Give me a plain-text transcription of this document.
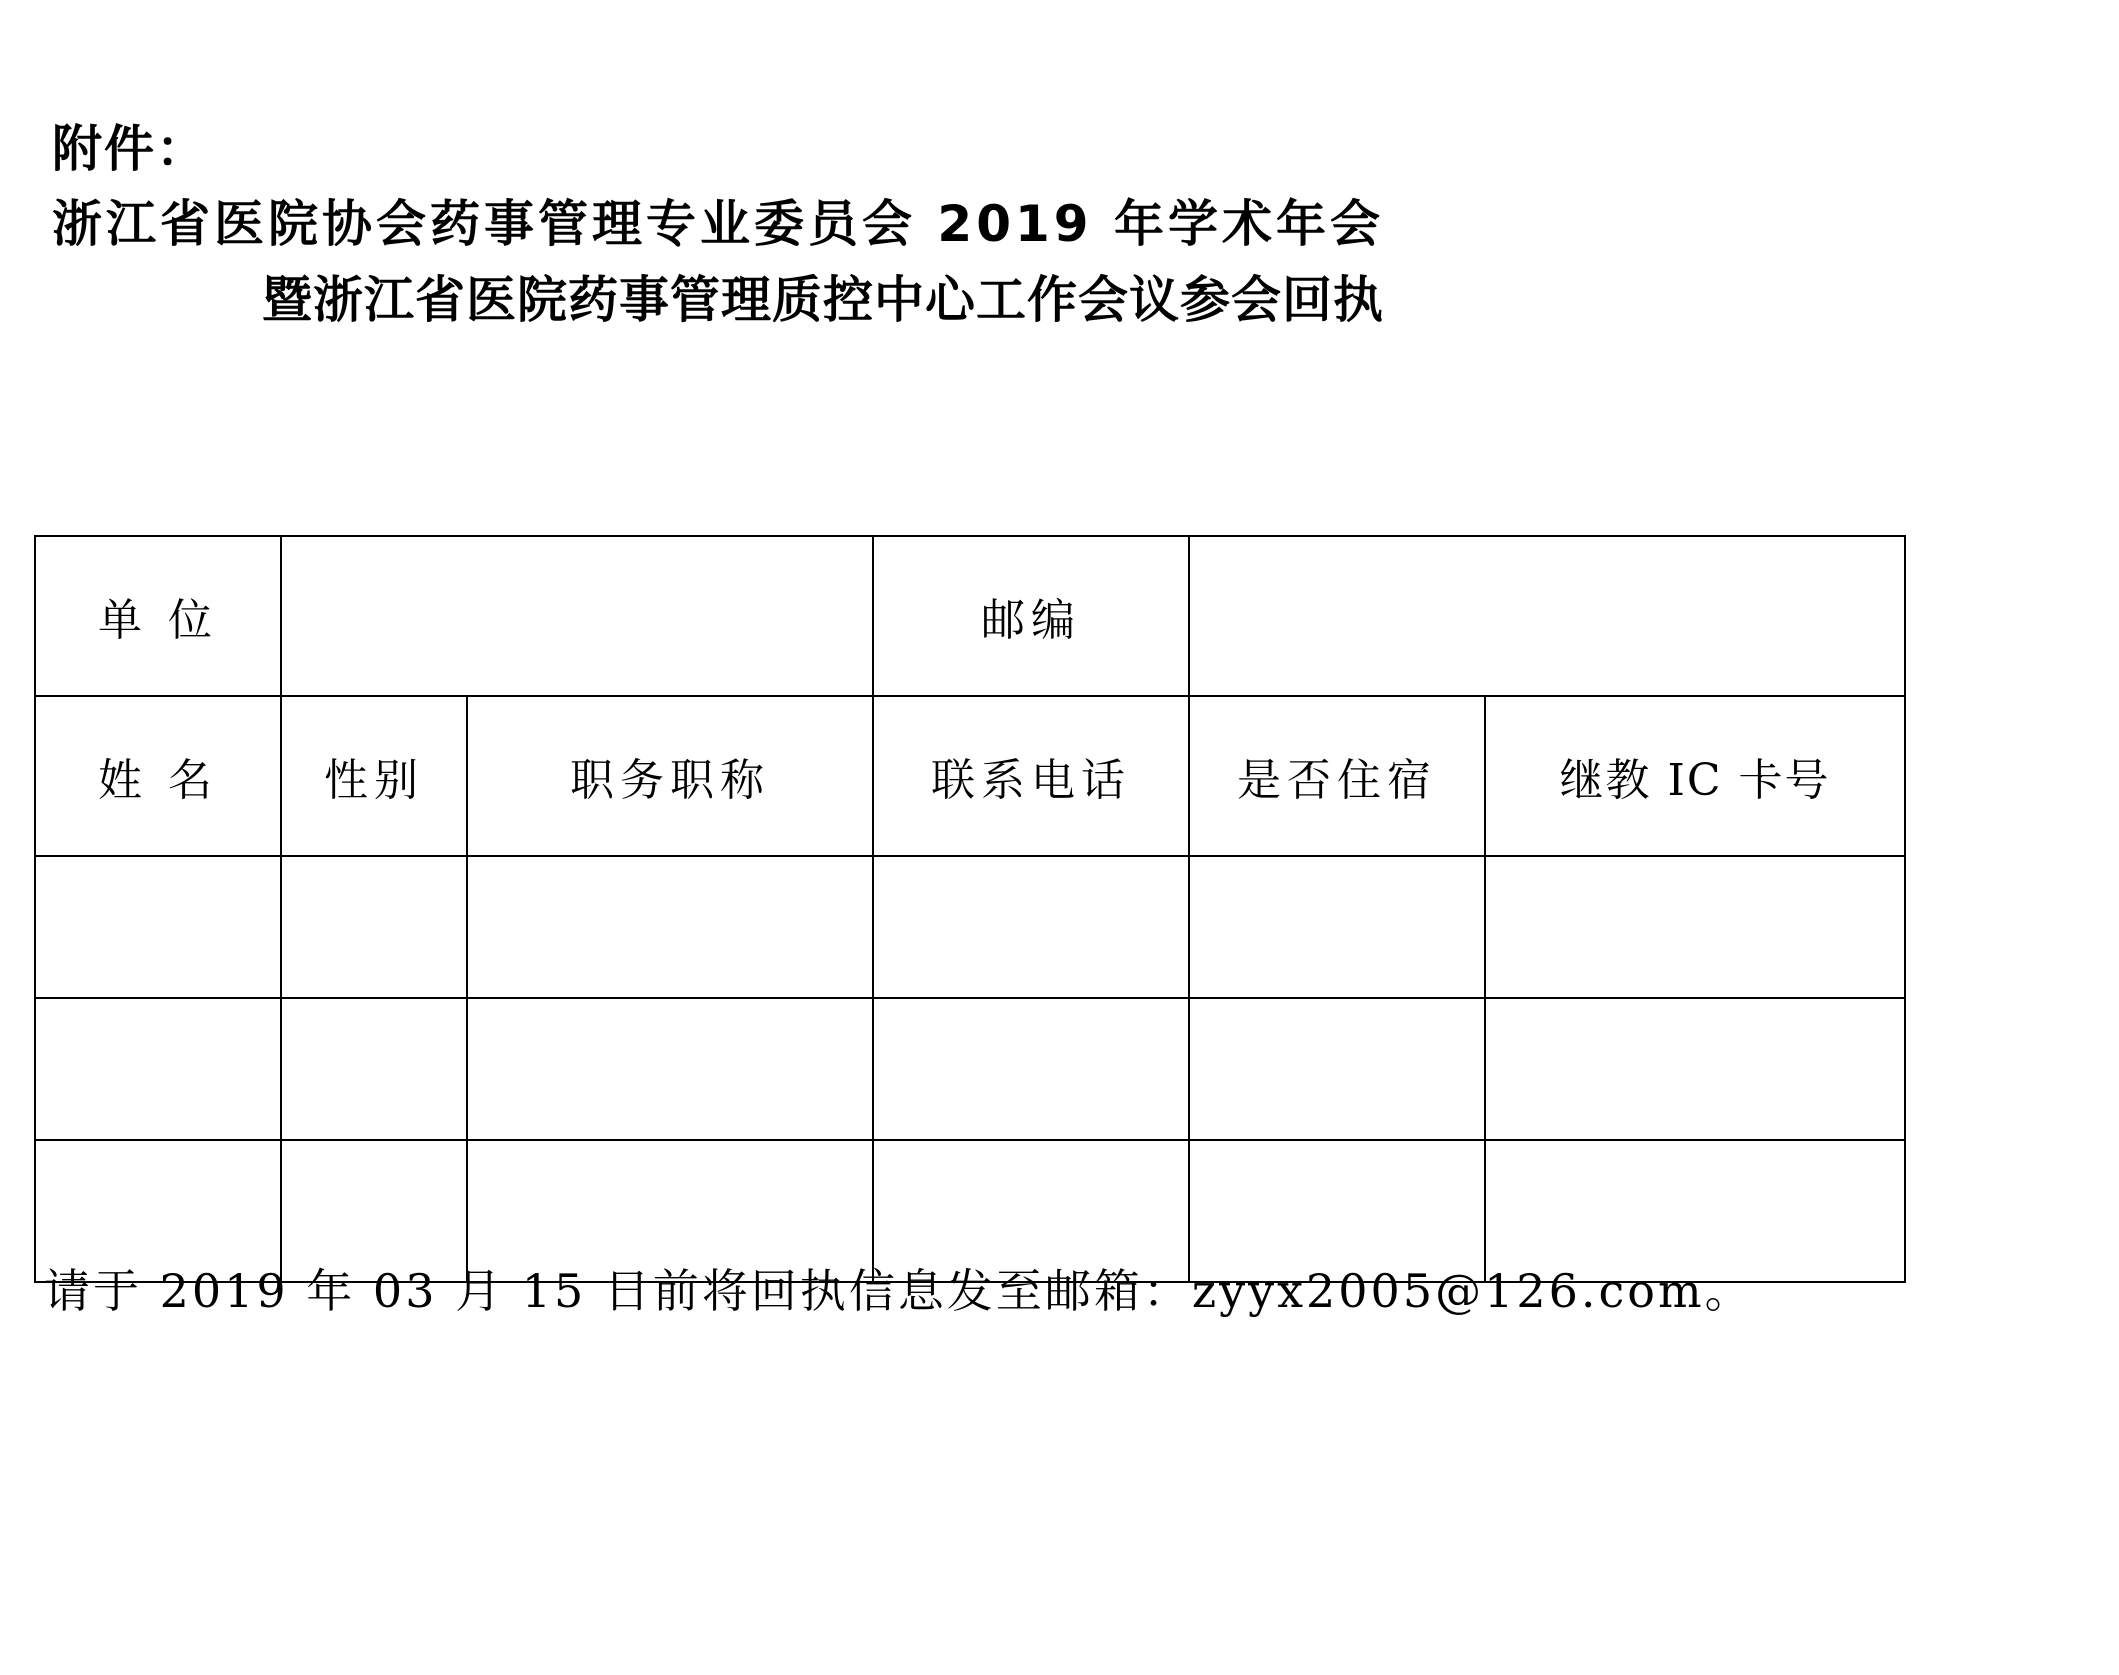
附件：

浙江省医院协会药事管理专业委员会 2019 年学术年会

暨浙江省医院药事管理质控中心工作会议参会回执

单 位			邮编		
姓 名	性别	职务职称	联系电话	是否住宿	继教 IC 卡号

请于 2019 年 03 月 15 日前将回执信息发至邮箱：zyyx2005@126.com。
